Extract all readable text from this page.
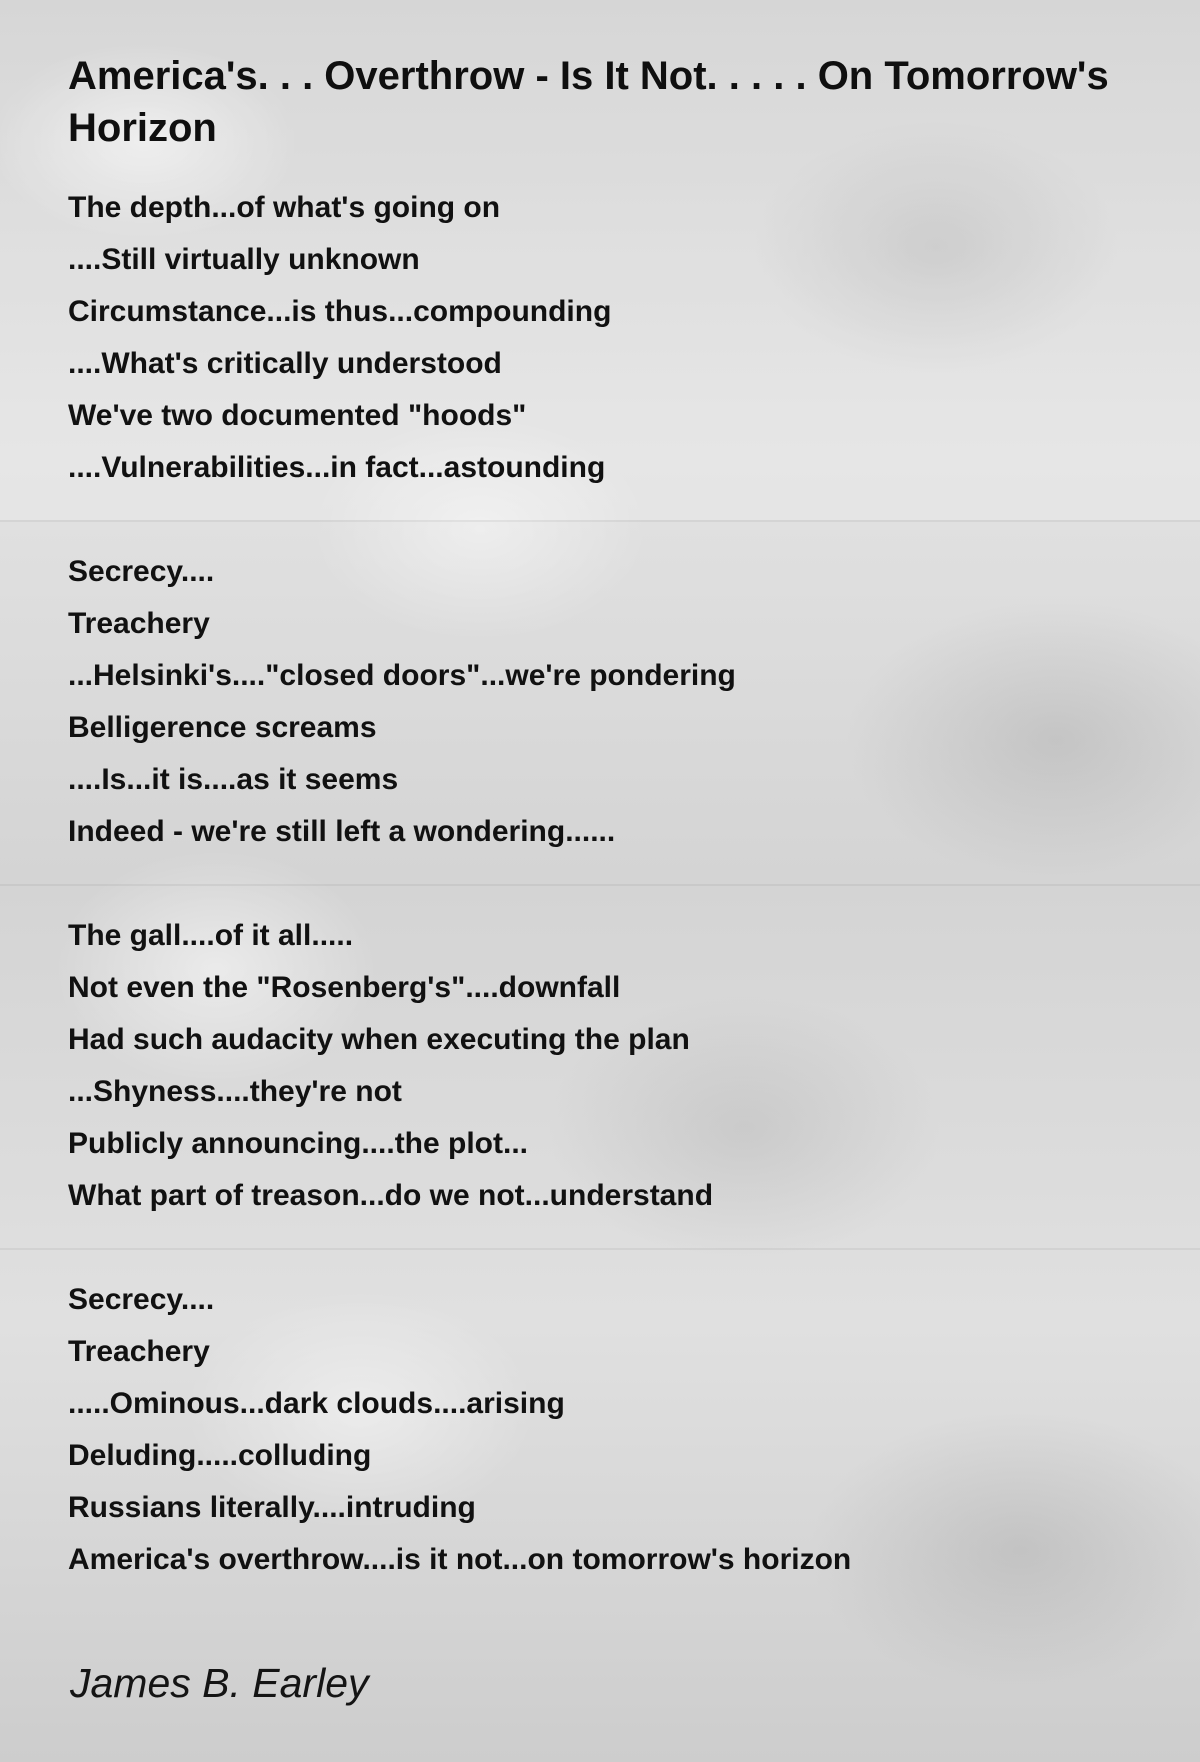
America's. . . Overthrow - Is It Not. . . . . On Tomorrow's Horizon
The depth...of what's going on
....Still virtually unknown
Circumstance...is thus...compounding
....What's critically understood
We've two documented "hoods"
....Vulnerabilities...in fact...astounding
Secrecy....
Treachery
...Helsinki's...."closed doors"...we're pondering
Belligerence screams
....Is...it is....as it seems
Indeed - we're still left a wondering......
The gall....of it all.....
Not even the "Rosenberg's"....downfall
Had such audacity when executing the plan
...Shyness....they're not
Publicly announcing....the plot...
What part of treason...do we not...understand
Secrecy....
Treachery
.....Ominous...dark clouds....arising
Deluding.....colluding
Russians literally....intruding
America's overthrow....is it not...on tomorrow's horizon
James B. Earley
